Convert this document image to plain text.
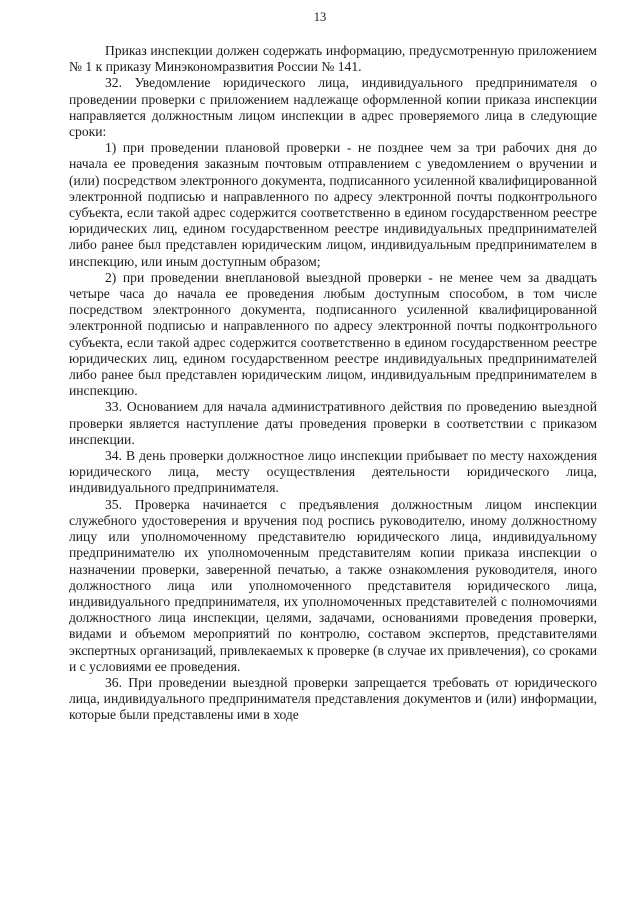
13

Приказ инспекции должен содержать информацию, предусмотренную приложением № 1 к приказу Минэкономразвития России № 141.

32. Уведомление юридического лица, индивидуального предпринимателя о проведении проверки с приложением надлежаще оформленной копии приказа инспекции направляется должностным лицом инспекции в адрес проверяемого лица в следующие сроки:

1) при проведении плановой проверки - не позднее чем за три рабочих дня до начала ее проведения заказным почтовым отправлением с уведомлением о вручении и (или) посредством электронного документа, подписанного усиленной квалифицированной электронной подписью и направленного по адресу электронной почты подконтрольного субъекта, если такой адрес содержится соответственно в едином государственном реестре юридических лиц, едином государственном реестре индивидуальных предпринимателей либо ранее был представлен юридическим лицом, индивидуальным предпринимателем в инспекцию, или иным доступным образом;

2) при проведении внеплановой выездной проверки - не менее чем за двадцать четыре часа до начала ее проведения любым доступным способом, в том числе посредством электронного документа, подписанного усиленной квалифицированной электронной подписью и направленного по адресу электронной почты подконтрольного субъекта, если такой адрес содержится соответственно в едином государственном реестре юридических лиц, едином государственном реестре индивидуальных предпринимателей либо ранее был представлен юридическим лицом, индивидуальным предпринимателем в инспекцию.

33. Основанием для начала административного действия по проведению выездной проверки является наступление даты проведения проверки в соответствии с приказом инспекции.

34. В день проверки должностное лицо инспекции прибывает по месту нахождения юридического лица, месту осуществления деятельности юридического лица, индивидуального предпринимателя.

35. Проверка начинается с предъявления должностным лицом инспекции служебного удостоверения и вручения под роспись руководителю, иному должностному лицу или уполномоченному представителю юридического лица, индивидуальному предпринимателю их уполномоченным представителям копии приказа инспекции о назначении проверки, заверенной печатью, а также ознакомления руководителя, иного должностного лица или уполномоченного представителя юридического лица, индивидуального предпринимателя, их уполномоченных представителей с полномочиями должностного лица инспекции, целями, задачами, основаниями проведения проверки, видами и объемом мероприятий по контролю, составом экспертов, представителями экспертных организаций, привлекаемых к проверке (в случае их привлечения), со сроками и с условиями ее проведения.

36. При проведении выездной проверки запрещается требовать от юридического лица, индивидуального предпринимателя представления документов и (или) информации, которые были представлены ими в ходе
